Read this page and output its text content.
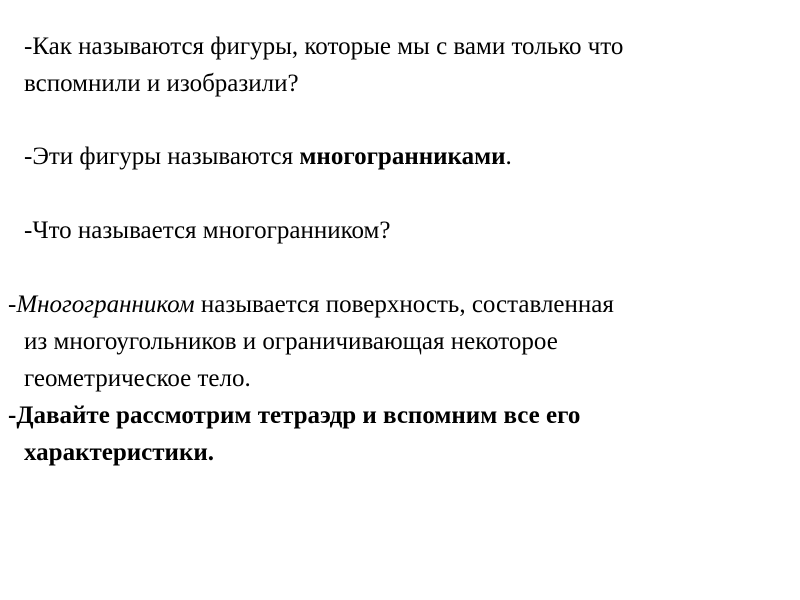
-Как называются фигуры, которые мы с вами только что
вспомнили и изобразили?

-Эти фигуры называются многогранниками.

-Что называется многогранником?

-Многогранником называется поверхность, составленная
из многоугольников и ограничивающая некоторое
геометрическое тело.

-Давайте рассмотрим тетраэдр и вспомним все его
характеристики.
